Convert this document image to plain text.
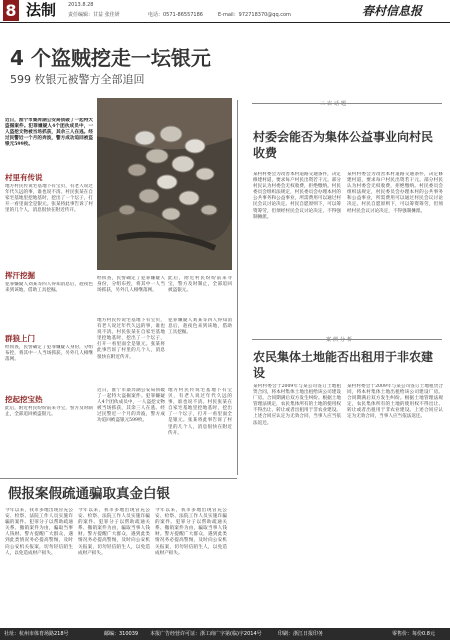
8 法制 2013.8.28
责任编辑：甘益 张佳妍	电话：0571-86557186	E-mail：972718370@qq.com	春村信息报
4 个盗贼挖走一坛银元
599 枚银元被警方全部追回
近日，淮宁市桑奔湖公安局侦破了一起特大盗掘案件。犯罪嫌疑人4个团伙成员中，一人盗挖文物被当场抓获，其余三人在逃。经过民警近一个月的奔波，警方成功追回被盗银元599枚。
村里有传说
地方村民传说宅基地下有宝贝，有老人说过年代久远的事，谁也说不清。村民张某在自家宅基地里挖地基时，挖出了一个坛子，打开一看里面全是银元。张某将此事告诉了村里的几个人，消息很快在附近传开。
挥汗挖掘
犯罪嫌疑人刘某等四人得知消息后，趁夜色来到该地，借助工具挖掘。
经侦查，民警确定了犯罪嫌疑人身份，分组布控，将其中一人当场抓获，另外几人相继落网。
此后，附近村民纷纷前来寻宝，警方及时制止，全部追回被盗银元。
群狼上门
经侦查，民警确定了犯罪嫌疑人身份，分组布控，将其中一人当场抓获，另外几人相继落网。
地方村民传说宅基地下有宝贝，有老人说过年代久远的事，谁也说不清。村民张某在自家宅基地里挖地基时，挖出了一个坛子，打开一看里面全是银元。张某将此事告诉了村里的几个人，消息很快在附近传开。
犯罪嫌疑人刘某等四人得知消息后，趁夜色来到该地，借助工具挖掘。
挖起挖宝热
此后，附近村民纷纷前来寻宝，警方及时制止，全部追回被盗银元。
近日，淮宁市桑奔湖公安局侦破了一起特大盗掘案件。犯罪嫌疑人4个团伙成员中，一人盗挖文物被当场抓获，其余三人在逃。经过民警近一个月的奔波，警方成功追回被盗银元599枚。
地方村民传说宅基地下有宝贝，有老人说过年代久远的事，谁也说不清。村民张某在自家宅基地里挖地基时，挖出了一个坛子，打开一看里面全是银元。张某将此事告诉了村里的几个人，消息很快在附近传开。
假报案假疏通骗取真金白银
今年以来，我市多地出现冒充公安、检察、法院工作人员实施诈骗的案件。犯罪分子以帮助疏通关系、撤销案件为由，骗取当事人钱财。警方提醒广大群众，遇到此类情况务必提高警惕，及时向公安机关报案，切勿轻信陌生人，以免造成财产损失。
今年以来，我市多地出现冒充公安、检察、法院工作人员实施诈骗的案件。犯罪分子以帮助疏通关系、撤销案件为由，骗取当事人钱财。警方提醒广大群众，遇到此类情况务必提高警惕，及时向公安机关报案，切勿轻信陌生人，以免造成财产损失。
今年以来，我市多地出现冒充公安、检察、法院工作人员实施诈骗的案件。犯罪分子以帮助疏通关系、撤销案件为由，骗取当事人钱财。警方提醒广大群众，遇到此类情况务必提高警惕，及时向公安机关报案，切勿轻信陌生人，以免造成财产损失。
三农话题
村委会能否为集体公益事业向村民收费
某村村委会为改善本村道路交通条件，决定修建村道，要求每户村民出资若干元。部分村民认为村委会无权收费，拒绝缴纳。村民委员会组织法规定，村民委员会办理本村的公共事务和公益事业，所需费用可以通过村民会议讨论决定。村民自愿原则下，可以筹资筹劳，但须经村民会议讨论决定，不得强制摊派。
某村村委会为改善本村道路交通条件，决定修建村道，要求每户村民出资若干元。部分村民认为村委会无权收费，拒绝缴纳。村民委员会组织法规定，村民委员会办理本村的公共事务和公益事业，所需费用可以通过村民会议讨论决定。村民自愿原则下，可以筹资筹劳，但须经村民会议讨论决定，不得强制摊派。
案例分析
农民集体土地能否出租用于非农建设
某村村委会于2009年与某公司签订土地租赁合同，将本村集体土地出租给该公司建设厂房。合同期满后双方发生纠纷。根据土地管理法规定，农民集体所有的土地的使用权不得出让、转让或者出租用于非农业建设。上述合同应认定为无效合同，当事人应当依法返还。
某村村委会于2009年与某公司签订土地租赁合同，将本村集体土地出租给该公司建设厂房。合同期满后双方发生纠纷。根据土地管理法规定，农民集体所有的土地的使用权不得出让、转让或者出租用于非农业建设。上述合同应认定为无效合同，当事人应当依法返还。
社址：杭州市体育场路218号	邮编：310039 本报广告经营许可证：浙工商广字第(临)字2014号	印刷：浙江日报印务	零售价：每份0.8元
